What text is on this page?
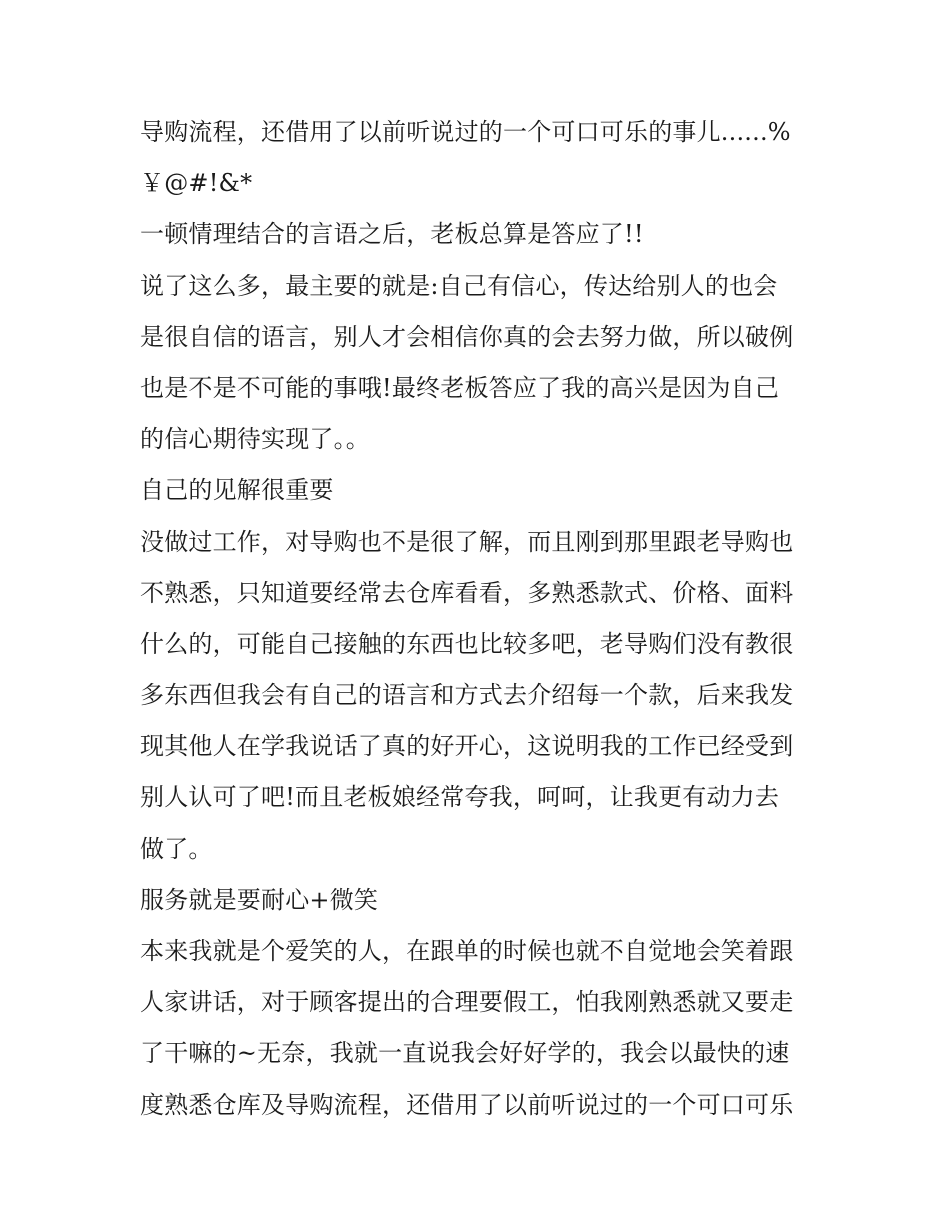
导购流程，还借用了以前听说过的一个可口可乐的事儿......%
￥@#!&*
一顿情理结合的言语之后，老板总算是答应了!!
说了这么多，最主要的就是:自己有信心，传达给别人的也会
是很自信的语言，别人才会相信你真的会去努力做，所以破例
也是不是不可能的事哦!最终老板答应了我的高兴是因为自己
的信心期待实现了。。
自己的见解很重要
没做过工作，对导购也不是很了解，而且刚到那里跟老导购也
不熟悉，只知道要经常去仓库看看，多熟悉款式、价格、面料
什么的，可能自己接触的东西也比较多吧，老导购们没有教很
多东西但我会有自己的语言和方式去介绍每一个款，后来我发
现其他人在学我说话了真的好开心，这说明我的工作已经受到
别人认可了吧!而且老板娘经常夸我，呵呵，让我更有动力去
做了。
服务就是要耐心+微笑
本来我就是个爱笑的人，在跟单的时候也就不自觉地会笑着跟
人家讲话，对于顾客提出的合理要假工，怕我刚熟悉就又要走
了干嘛的~无奈，我就一直说我会好好学的，我会以最快的速
度熟悉仓库及导购流程，还借用了以前听说过的一个可口可乐
